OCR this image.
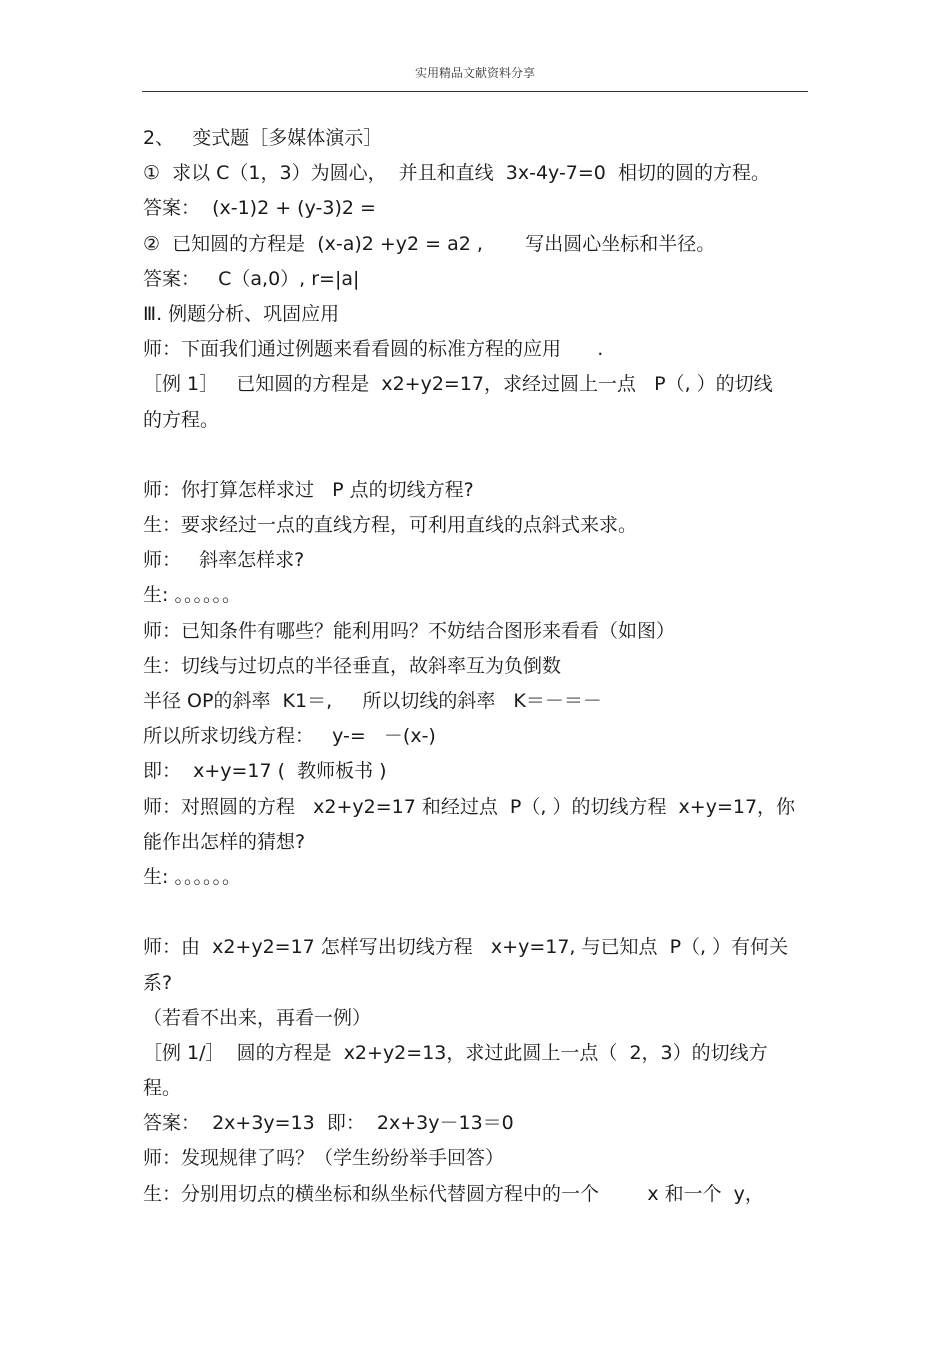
实用精品文献资料分享
2、   变式题［多媒体演示］
①  求以 C（1，3）为圆心，  并且和直线  3x-4y-7=0  相切的圆的方程。
答案：  (x-1)2 + (y-3)2 =
②  已知圆的方程是  (x-a)2 +y2 = a2 ,       写出圆心坐标和半径。
答案：   C（a,0）, r=|a|
Ⅲ. 例题分析、巩固应用
师：下面我们通过例题来看看圆的标准方程的应用      .
［例 1］   已知圆的方程是  x2+y2=17，求经过圆上一点   P（, ）的切线
的方程。
师：你打算怎样求过   P 点的切线方程?
生：要求经过一点的直线方程，可利用直线的点斜式来求。
师：   斜率怎样求?
生: 。。。。。。
师：已知条件有哪些？能利用吗？不妨结合图形来看看（如图）
生：切线与过切点的半径垂直，故斜率互为负倒数
半径 OP的斜率  K1＝,     所以切线的斜率   K＝－＝－
所以所求切线方程：   y-=   －(x-)
即：  x+y=17 (  教师板书 )
师：对照圆的方程   x2+y2=17 和经过点  P（, ）的切线方程  x+y=17，你
能作出怎样的猜想?
生: 。。。。。。
师：由  x2+y2=17 怎样写出切线方程   x+y=17, 与已知点  P（, ）有何关
系?
（若看不出来，再看一例）
［例 1/］  圆的方程是  x2+y2=13，求过此圆上一点（  2，3）的切线方
程。
答案：  2x+3y=13  即：  2x+3y－13＝0
师：发现规律了吗？（学生纷纷举手回答）
生：分别用切点的横坐标和纵坐标代替圆方程中的一个        x 和一个  y，
